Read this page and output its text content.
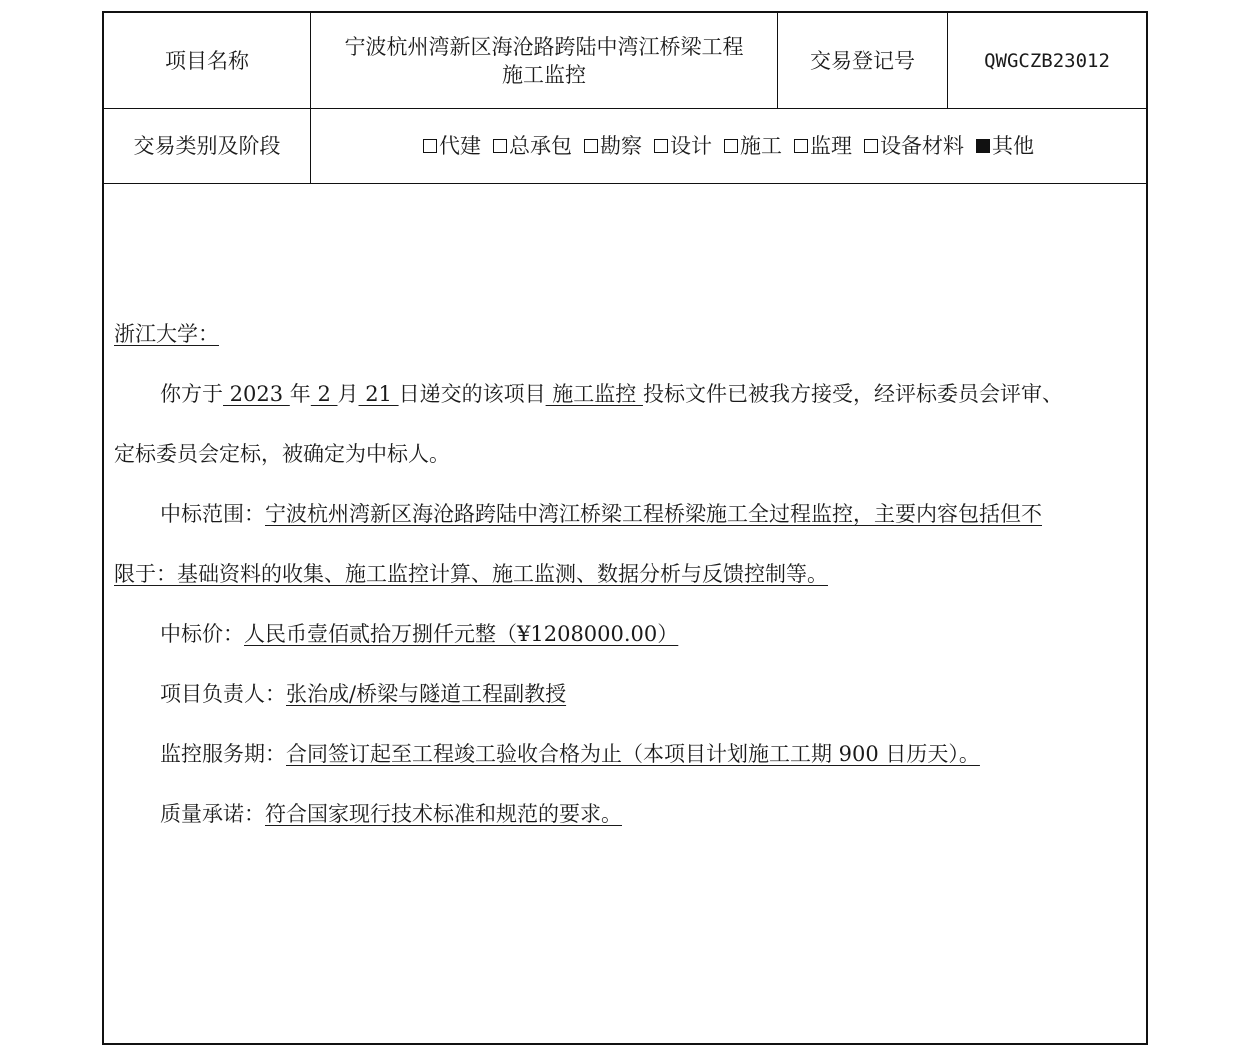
项目名称
宁波杭州湾新区海沧路跨陆中湾江桥梁工程
施工监控
交易登记号	QWGCZB23012
交易类别及阶段	代建 总承包 勘察 设计 施工 监理 设备材料 其他
浙江大学：
你方于 2023 年 2 月 21 日递交的该项目 施工监控 投标文件已被我方接受，经评标委员会评审、
定标委员会定标，被确定为中标人。
中标范围：宁波杭州湾新区海沧路跨陆中湾江桥梁工程桥梁施工全过程监控，主要内容包括但不
限于：基础资料的收集、施工监控计算、施工监测、数据分析与反馈控制等。
中标价：人民币壹佰贰拾万捌仟元整（¥1208000.00）
项目负责人：张治成/桥梁与隧道工程副教授
监控服务期：合同签订起至工程竣工验收合格为止（本项目计划施工工期 900 日历天）。
质量承诺：符合国家现行技术标准和规范的要求。
